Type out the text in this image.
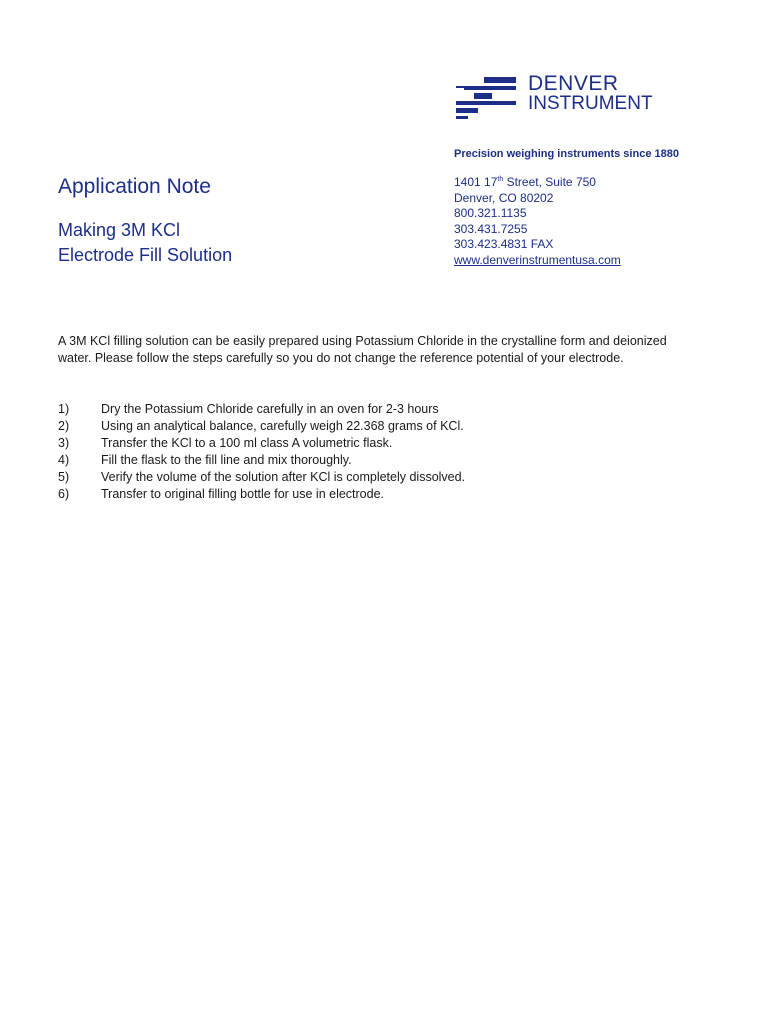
DENVER
INSTRUMENT
Precision weighing instruments since 1880
1401 17th Street, Suite 750
Denver, CO 80202
800.321.1135
303.431.7255
303.423.4831 FAX
www.denverinstrumentusa.com
Application Note
Making 3M KCl
Electrode Fill Solution
A 3M KCl filling solution can be easily prepared using Potassium Chloride in the crystalline form and deionized water. Please follow the steps carefully so you do not change the reference potential of your electrode.
1)	Dry the Potassium Chloride carefully in an oven for 2-3 hours
2)	Using an analytical balance, carefully weigh 22.368 grams of KCl.
3)	Transfer the KCl to a 100 ml class A volumetric flask.
4)	Fill the flask to the fill line and mix thoroughly.
5)	Verify the volume of the solution after KCl is completely dissolved.
6)	Transfer to original filling bottle for use in electrode.
